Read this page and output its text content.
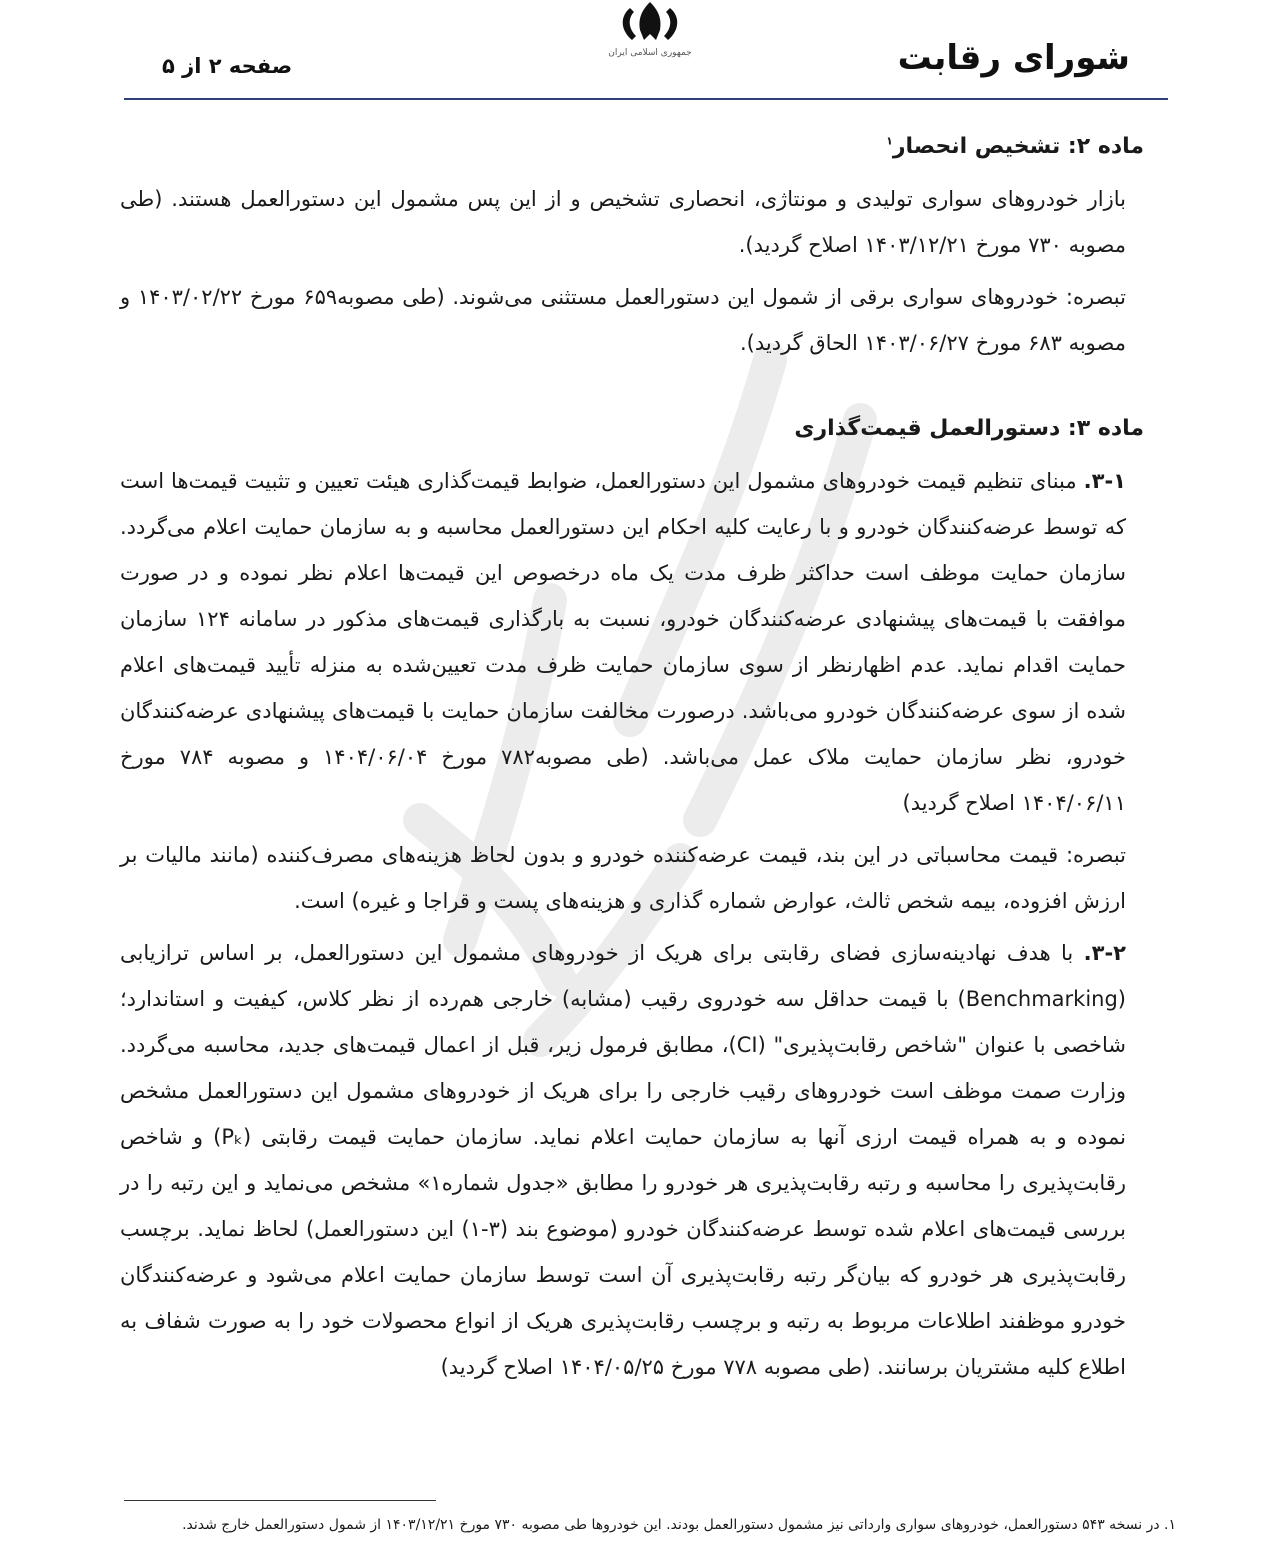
جمهوری اسلامی ایران	شورای رقابت
صفحه ۲ از ۵
ماده ۲: تشخیص انحصار$^۱$

بازار خودروهای سواری تولیدی و مونتاژی، انحصاری تشخیص و از این پس مشمول این دستورالعمل هستند. (طی مصوبه ۷۳۰ مورخ ۱۴۰۳/۱۲/۲۱ اصلاح گردید).

تبصره: خودروهای سواری برقی از شمول این دستورالعمل مستثنی می‌شوند. (طی مصوبه۶۵۹ مورخ ۱۴۰۳/۰۲/۲۲ و مصوبه ۶۸۳ مورخ ۱۴۰۳/۰۶/۲۷ الحاق گردید).

ماده ۳: دستورالعمل قیمت‌گذاری

۳-۱. مبنای تنظیم قیمت خودروهای مشمول این دستورالعمل، ضوابط قیمت‌گذاری هیئت تعیین و تثبیت قیمت‌ها است که توسط عرضه‌کنندگان خودرو و با رعایت کلیه احکام این دستورالعمل محاسبه و به سازمان حمایت اعلام می‌گردد. سازمان حمایت موظف است حداکثر ظرف مدت یک ماه درخصوص این قیمت‌ها اعلام نظر نموده و در صورت موافقت با قیمت‌های پیشنهادی عرضه‌کنندگان خودرو، نسبت به بارگذاری قیمت‌های مذکور در سامانه ۱۲۴ سازمان حمایت اقدام نماید. عدم اظهارنظر از سوی سازمان حمایت ظرف مدت تعیین‌شده به منزله تأیید قیمت‌های اعلام شده از سوی عرضه‌کنندگان خودرو می‌باشد. درصورت مخالفت سازمان حمایت با قیمت‌های پیشنهادی عرضه‌کنندگان خودرو، نظر سازمان حمایت ملاک عمل می‌باشد. (طی مصوبه۷۸۲ مورخ ۱۴۰۴/۰۶/۰۴ و مصوبه ۷۸۴ مورخ ۱۴۰۴/۰۶/۱۱ اصلاح گردید)

تبصره: قیمت محاسباتی در این بند، قیمت عرضه‌کننده خودرو و بدون لحاظ هزینه‌های مصرف‌کننده (مانند مالیات بر ارزش افزوده، بیمه شخص ثالث، عوارض شماره گذاری و هزینه‌های پست و قراجا و غیره) است.

۳-۲. با هدف نهادینه‌سازی فضای رقابتی برای هریک از خودروهای مشمول این دستورالعمل، بر اساس ترازیابی (Benchmarking) با قیمت حداقل سه خودروی رقیب (مشابه) خارجی هم‌رده از نظر کلاس، کیفیت و استاندارد؛ شاخصی با عنوان "شاخص رقابت‌پذیری" (CI)، مطابق فرمول زیر، قبل از اعمال قیمت‌های جدید، محاسبه می‌گردد. وزارت صمت موظف است خودروهای رقیب خارجی را برای هریک از خودروهای مشمول این دستورالعمل مشخص نموده و به همراه قیمت ارزی آنها به سازمان حمایت اعلام نماید. سازمان حمایت قیمت رقابتی (Pₖ) و شاخص رقابت‌پذیری را محاسبه و رتبه رقابت‌پذیری هر خودرو را مطابق «جدول شماره۱» مشخص می‌نماید و این رتبه را در بررسی قیمت‌های اعلام شده توسط عرضه‌کنندگان خودرو (موضوع بند (۳-۱) این دستورالعمل) لحاظ نماید. برچسب رقابت‌پذیری هر خودرو که بیان‌گر رتبه رقابت‌پذیری آن است توسط سازمان حمایت اعلام می‌شود و عرضه‌کنندگان خودرو موظفند اطلاعات مربوط به رتبه و برچسب رقابت‌پذیری هریک از انواع محصولات خود را به صورت شفاف به اطلاع کلیه مشتریان برسانند. (طی مصوبه ۷۷۸ مورخ ۱۴۰۴/۰۵/۲۵ اصلاح گردید)

۱. در نسخه ۵۴۳ دستورالعمل، خودروهای سواری وارداتی نیز مشمول دستورالعمل بودند. این خودروها طی مصوبه ۷۳۰ مورخ ۱۴۰۳/۱۲/۲۱ از شمول دستورالعمل خارج شدند.
